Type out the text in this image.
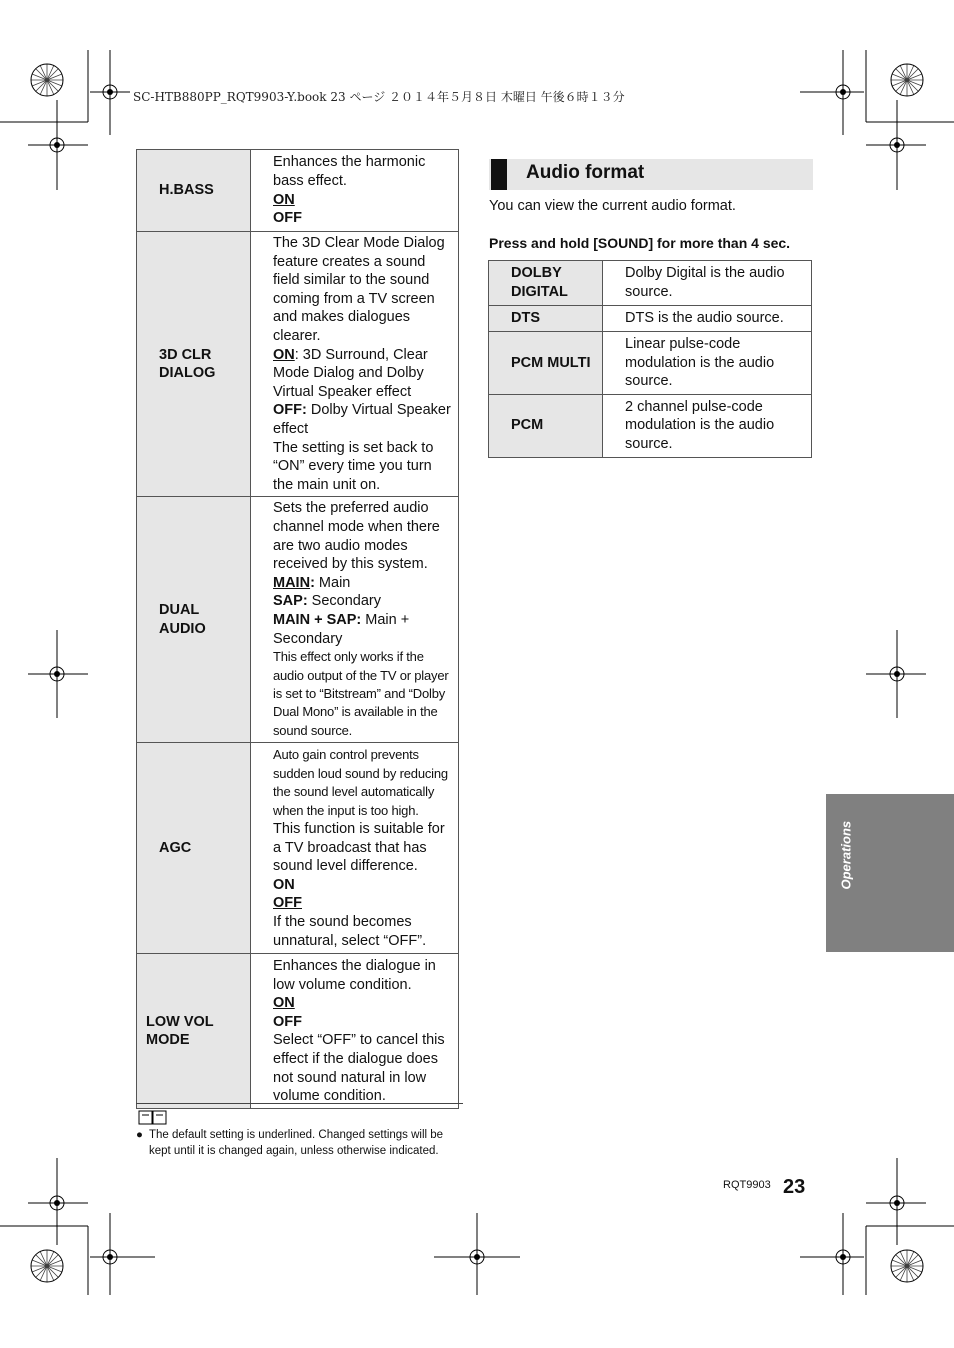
SC-HTB880PP_RQT9903-Y.book 23 ページ ２０１４年５月８日 木曜日 午後６時１３分
H.BASS	Enhances the harmonic bass effect.
ON
OFF

3D CLR DIALOG	The 3D Clear Mode Dialog feature creates a sound field similar to the sound coming from a TV screen and makes dialogues clearer.
ON: 3D Surround, Clear Mode Dialog and Dolby Virtual Speaker effect
OFF: Dolby Virtual Speaker effect
The setting is set back to “ON” every time you turn the main unit on.

DUAL AUDIO	Sets the preferred audio channel mode when there are two audio modes received by this system.
MAIN: Main
SAP: Secondary
MAIN + SAP: Main + Secondary
This effect only works if the audio output of the TV or player is set to “Bitstream” and “Dolby Dual Mono” is available in the sound source.

AGC	Auto gain control prevents sudden loud sound by reducing the sound level automatically when the input is too high.
This function is suitable for a TV broadcast that has sound level difference.
ON
OFF
If the sound becomes unnatural, select “OFF”.

LOW VOL MODE	Enhances the dialogue in low volume condition.
ON
OFF
Select “OFF” to cancel this effect if the dialogue does not sound natural in low volume condition.
● The default setting is underlined. Changed settings will be kept until it is changed again, unless otherwise indicated.
Audio format
You can view the current audio format.
Press and hold [SOUND] for more than 4 sec.
DOLBY DIGITAL	Dolby Digital is the audio source.
DTS	DTS is the audio source.
PCM MULTI	Linear pulse-code modulation is the audio source.
PCM	2 channel pulse-code modulation is the audio source.
Operations
RQT9903 23
